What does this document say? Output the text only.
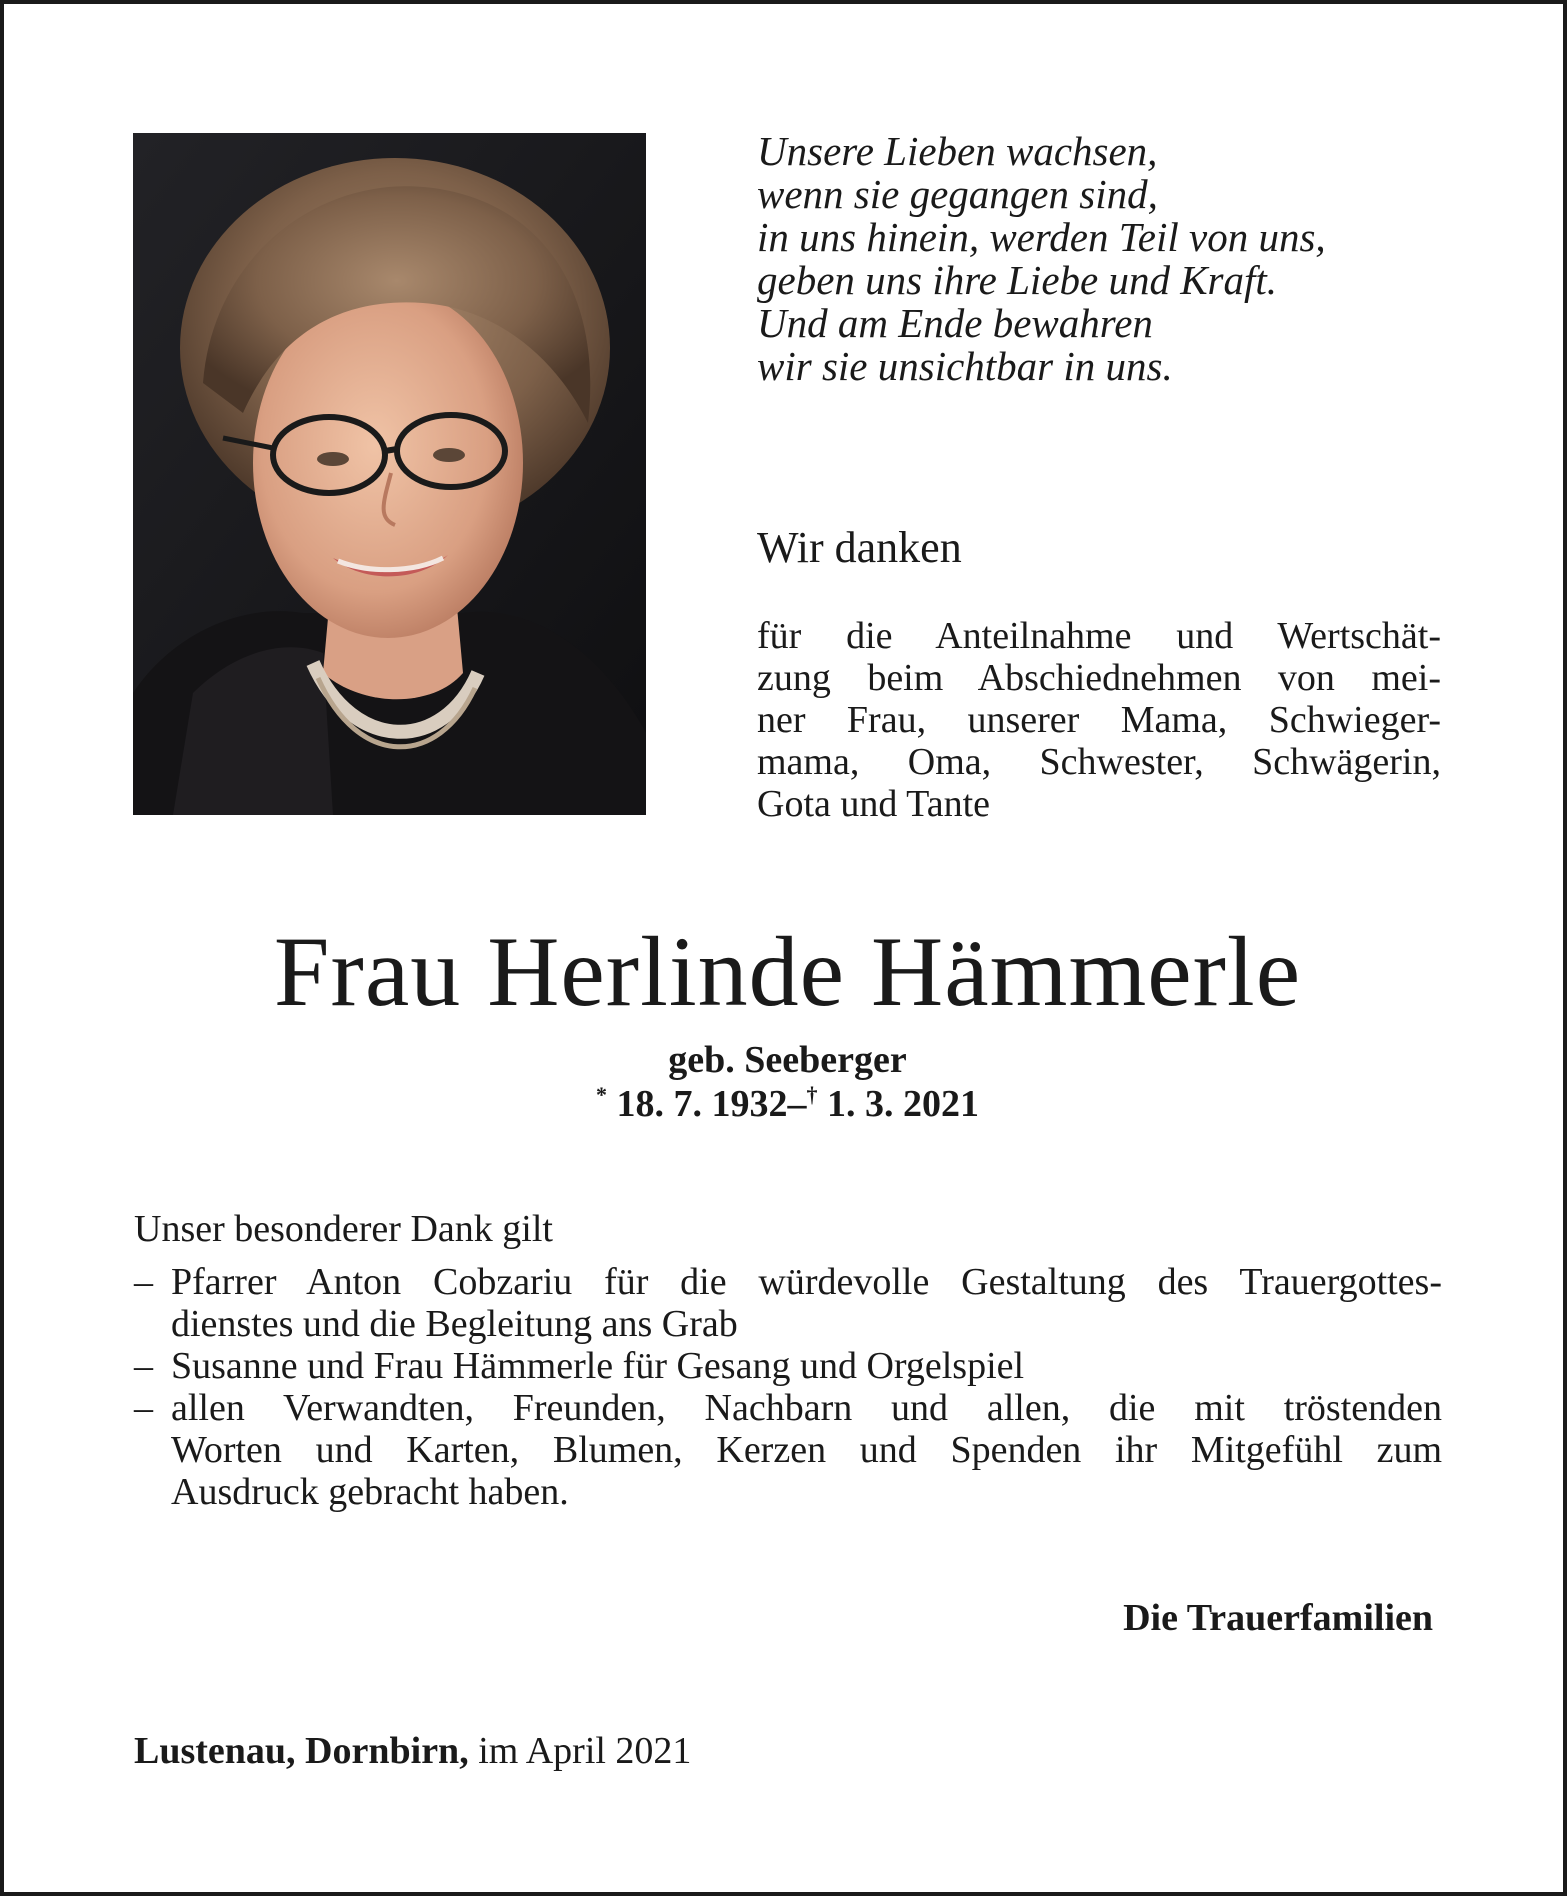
Unsere Lieben wachsen,
wenn sie gegangen sind,
in uns hinein, werden Teil von uns,
geben uns ihre Liebe und Kraft.
Und am Ende bewahren
wir sie unsichtbar in uns.
Wir danken
für die Anteilnahme und Wertschät-
zung beim Abschiednehmen von mei-
ner Frau, unserer Mama, Schwieger-
mama, Oma, Schwester, Schwägerin,
Gota und Tante
Frau Herlinde Hämmerle
geb. Seeberger
* 18. 7. 1932–† 1. 3. 2021
Unser besonderer Dank gilt
– Pfarrer Anton Cobzariu für die würdevolle Gestaltung des Trauergottes-
dienstes und die Begleitung ans Grab
– Susanne und Frau Hämmerle für Gesang und Orgelspiel
– allen Verwandten, Freunden, Nachbarn und allen, die mit tröstenden
Worten und Karten, Blumen, Kerzen und Spenden ihr Mitgefühl zum
Ausdruck gebracht haben.
Die Trauerfamilien
Lustenau, Dornbirn, im April 2021
